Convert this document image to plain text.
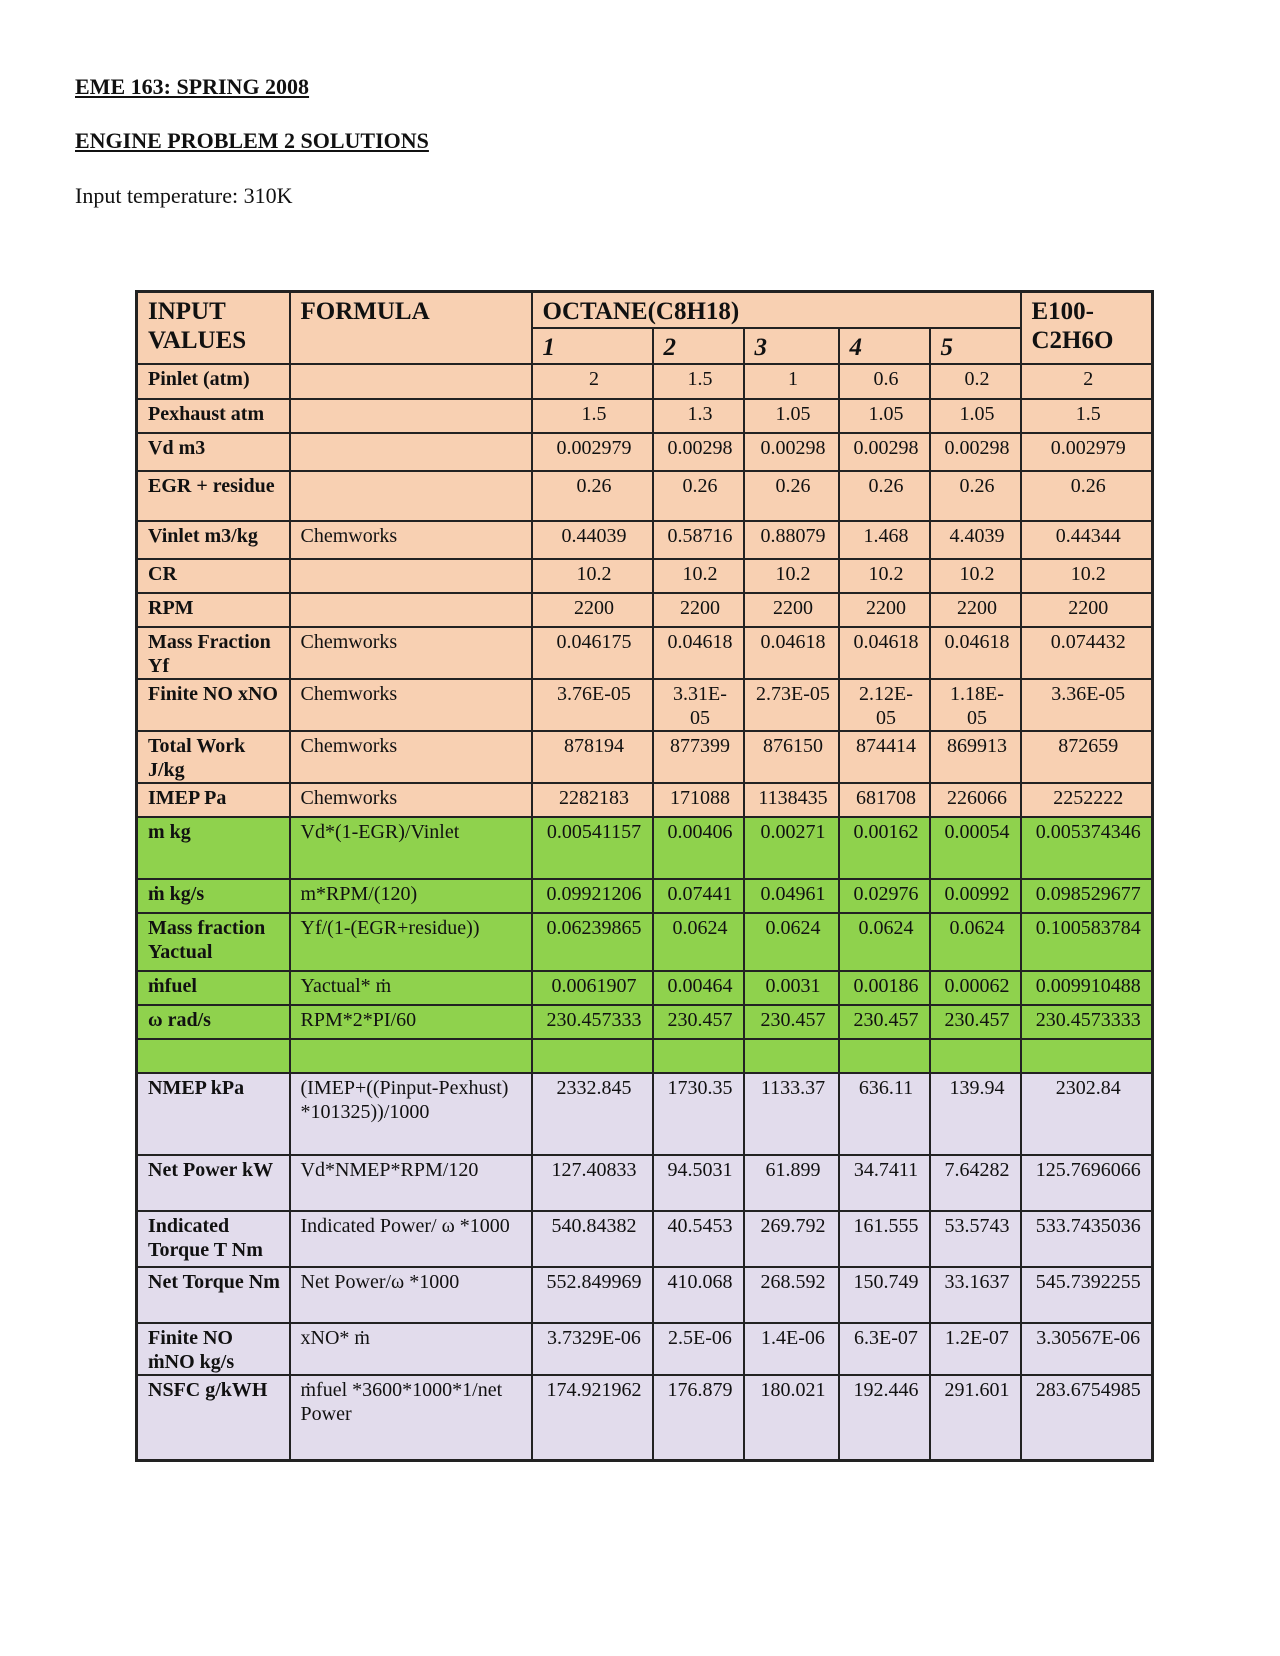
EME 163: SPRING 2008
ENGINE PROBLEM 2 SOLUTIONS
Input temperature: 310K
INPUT VALUES	FORMULA	OCTANE(C8H18)					E100-C2H6O
		1	2	3	4	5	
Pinlet (atm)		2	1.5	1	0.6	0.2	2
Pexhaust atm		1.5	1.3	1.05	1.05	1.05	1.5
Vd m3		0.002979	0.00298	0.00298	0.00298	0.00298	0.002979
EGR + residue		0.26	0.26	0.26	0.26	0.26	0.26
Vinlet m3/kg	Chemworks	0.44039	0.58716	0.88079	1.468	4.4039	0.44344
CR		10.2	10.2	10.2	10.2	10.2	10.2
RPM		2200	2200	2200	2200	2200	2200
Mass Fraction Yf	Chemworks	0.046175	0.04618	0.04618	0.04618	0.04618	0.074432
Finite NO xNO	Chemworks	3.76E-05	3.31E-05	2.73E-05	2.12E-05	1.18E-05	3.36E-05
Total Work J/kg	Chemworks	878194	877399	876150	874414	869913	872659
IMEP Pa	Chemworks	2282183	171088	1138435	681708	226066	2252222
m kg	Vd*(1-EGR)/Vinlet	0.00541157	0.00406	0.00271	0.00162	0.00054	0.005374346
ṁ kg/s	m*RPM/(120)	0.09921206	0.07441	0.04961	0.02976	0.00992	0.098529677
Mass fraction Yactual	Yf/(1-(EGR+residue))	0.06239865	0.0624	0.0624	0.0624	0.0624	0.100583784
ṁfuel	Yactual* ṁ	0.0061907	0.00464	0.0031	0.00186	0.00062	0.009910488
ω rad/s	RPM*2*PI/60	230.457333	230.457	230.457	230.457	230.457	230.4573333

NMEP kPa	(IMEP+((Pinput-Pexhust) *101325))/1000	2332.845	1730.35	1133.37	636.11	139.94	2302.84
Net Power kW	Vd*NMEP*RPM/120	127.40833	94.5031	61.899	34.7411	7.64282	125.7696066
Indicated Torque T Nm	Indicated Power/ ω *1000	540.84382	40.5453	269.792	161.555	53.5743	533.7435036
Net Torque Nm	Net Power/ω *1000	552.849969	410.068	268.592	150.749	33.1637	545.7392255
Finite NO ṁNO kg/s	xNO* ṁ	3.7329E-06	2.5E-06	1.4E-06	6.3E-07	1.2E-07	3.30567E-06
NSFC g/kWH	ṁfuel *3600*1000*1/net Power	174.921962	176.879	180.021	192.446	291.601	283.6754985
